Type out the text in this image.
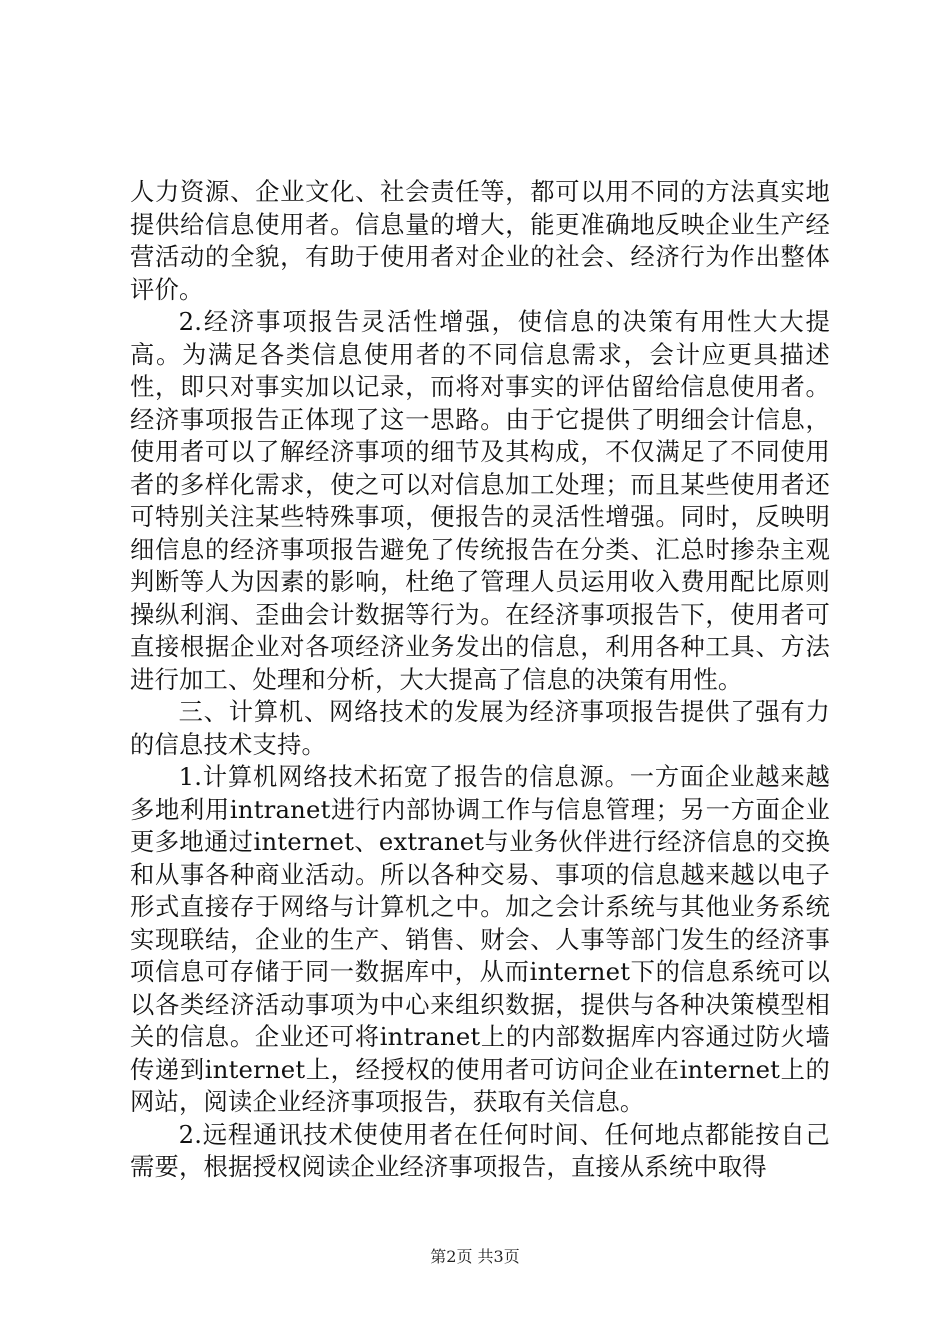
人力资源、企业文化、社会责任等，都可以用不同的方法真实地提供给信息使用者。信息量的增大，能更准确地反映企业生产经营活动的全貌，有助于使用者对企业的社会、经济行为作出整体评价。

2.经济事项报告灵活性增强，使信息的决策有用性大大提高。为满足各类信息使用者的不同信息需求，会计应更具描述性，即只对事实加以记录，而将对事实的评估留给信息使用者。经济事项报告正体现了这一思路。由于它提供了明细会计信息，使用者可以了解经济事项的细节及其构成，不仅满足了不同使用者的多样化需求，使之可以对信息加工处理；而且某些使用者还可特别关注某些特殊事项，便报告的灵活性增强。同时，反映明细信息的经济事项报告避免了传统报告在分类、汇总时掺杂主观判断等人为因素的影响，杜绝了管理人员运用收入费用配比原则操纵利润、歪曲会计数据等行为。在经济事项报告下，使用者可直接根据企业对各项经济业务发出的信息，利用各种工具、方法进行加工、处理和分析，大大提高了信息的决策有用性。

三、计算机、网络技术的发展为经济事项报告提供了强有力的信息技术支持。

1.计算机网络技术拓宽了报告的信息源。一方面企业越来越多地利用intranet进行内部协调工作与信息管理；另一方面企业更多地通过internet、extranet与业务伙伴进行经济信息的交换和从事各种商业活动。所以各种交易、事项的信息越来越以电子形式直接存于网络与计算机之中。加之会计系统与其他业务系统实现联结，企业的生产、销售、财会、人事等部门发生的经济事项信息可存储于同一数据库中，从而internet下的信息系统可以以各类经济活动事项为中心来组织数据，提供与各种决策模型相关的信息。企业还可将intranet上的内部数据库内容通过防火墙传递到internet上，经授权的使用者可访问企业在internet上的网站，阅读企业经济事项报告，获取有关信息。

2.远程通讯技术使使用者在任何时间、任何地点都能按自己需要，根据授权阅读企业经济事项报告，直接从系统中取得

第2页 共3页
